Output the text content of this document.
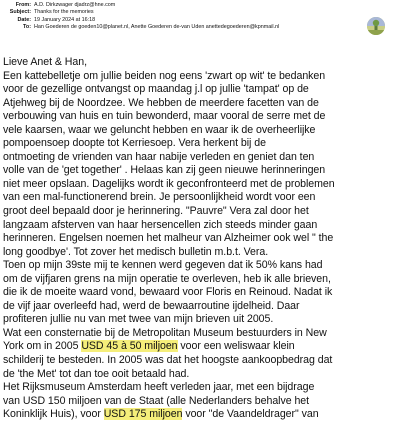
From: A.D. Dirkzwager djadrz@hne.com
Subject: Thanks for the memories
Date: 19 January 2024 at 16:18
To: Han Goederen de goeden10@planet.nl, Anette Goederen de-van Uden anettedegoederen@kpnmail.nl
Lieve Anet & Han,
Een kattebelletje om jullie beiden nog eens 'zwart op wit' te bedanken
voor de gezellige ontvangst op maandag j.l op jullie 'tampat' op de
Atjehweg bij de Noordzee. We hebben de meerdere facetten van de
verbouwing van huis en tuin bewonderd, maar vooral de serre met de
vele kaarsen, waar we geluncht hebben en waar ik de overheerlijke
pompoensoep doopte tot Kerriesoep. Vera herkent bij de
ontmoeting de vrienden van haar nabije verleden en geniet dan ten
volle van de 'get together' . Helaas kan zij geen nieuwe herinneringen
niet meer opslaan. Dagelijks wordt ik geconfronteerd met de problemen
van een mal-functionerend brein. Je persoonlijkheid wordt voor een
groot deel bepaald door je herinnering. "Pauvre" Vera zal door het
langzaam afsterven van haar hersencellen zich steeds minder gaan
herinneren. Engelsen noemen het malheur van Alzheimer ook wel " the
long goodbye'. Tot zover het medisch bulletin m.b.t. Vera.
Toen op mijn 39ste mij te kennen werd gegeven dat ik 50% kans had
om de vijfjaren grens na mijn operatie te overleven, heb ik alle brieven,
die ik de moeite waard vond, bewaard voor Floris en Reinoud. Nadat ik
de vijf jaar overleefd had, werd de bewaarroutine ijdelheid. Daar
profiteren jullie nu van met twee van mijn brieven uit 2005.
Wat een consternatie bij de Metropolitan Museum bestuurders in New
York om in 2005 USD 45 à 50 miljoen voor een weliswaar klein
schilderij te besteden. In 2005 was dat het hoogste aankoopbedrag dat
de 'the Met' tot dan toe ooit betaald had.
Het Rijksmuseum Amsterdam heeft verleden jaar, met een bijdrage
van USD 150 miljoen van de Staat (alle Nederlanders behalve het
Koninklijk Huis), voor USD 175 miljoen voor "de Vaandeldrager" van
